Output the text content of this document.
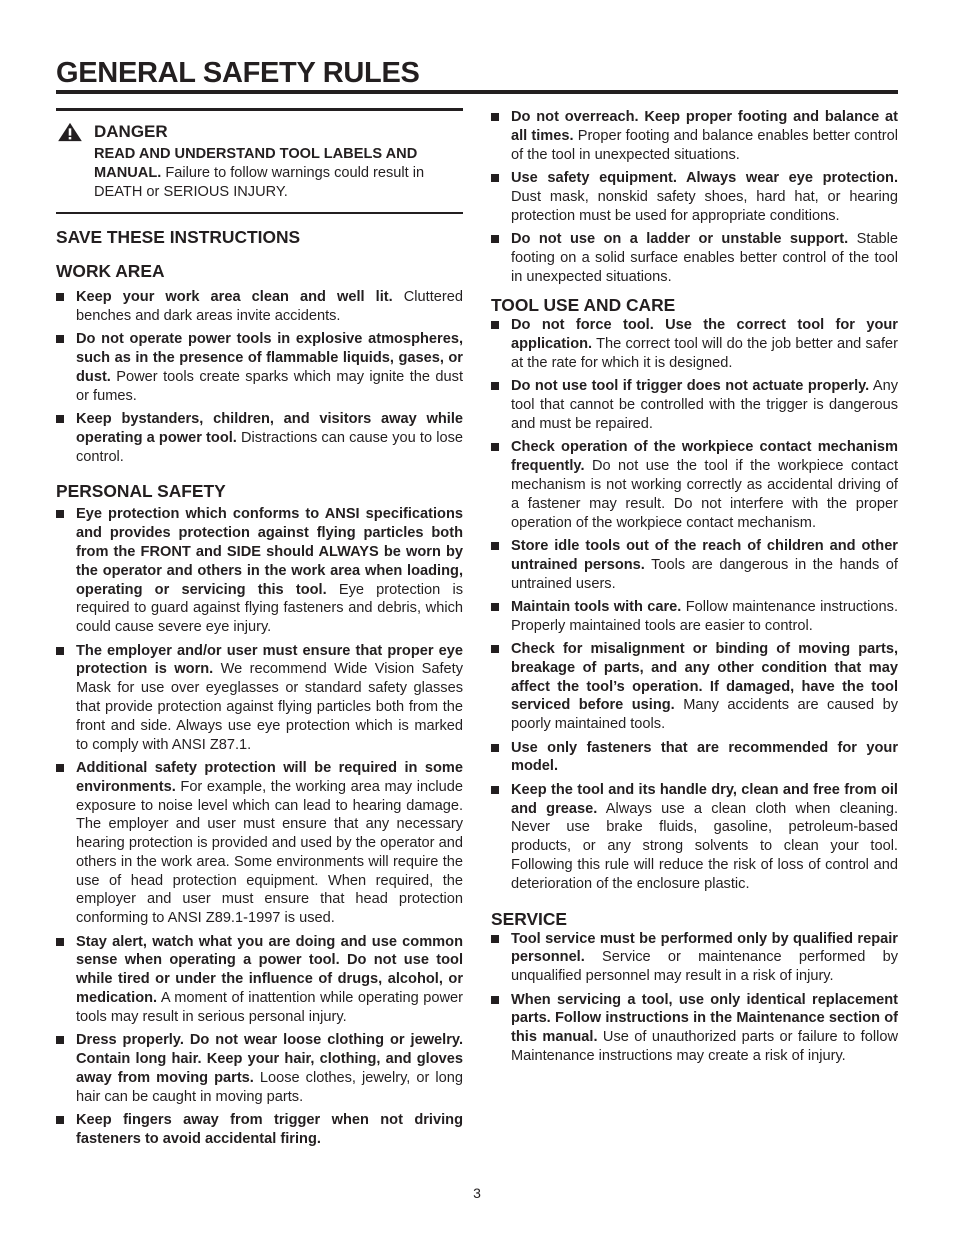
GENERAL SAFETY RULES
DANGER
READ AND UNDERSTAND TOOL LABELS AND MANUAL. Failure to follow warnings could result in DEATH or SERIOUS INJURY.
SAVE THESE INSTRUCTIONS
WORK AREA
Keep your work area clean and well lit. Cluttered benches and dark areas invite accidents.
Do not operate power tools in explosive atmospheres, such as in the presence of flammable liquids, gases, or dust. Power tools create sparks which may ignite the dust or fumes.
Keep bystanders, children, and visitors away while operating a power tool. Distractions can cause you to lose control.
PERSONAL SAFETY
Eye protection which conforms to ANSI specifications and provides protection against flying particles both from the FRONT and SIDE should ALWAYS be worn by the operator and others in the work area when loading, operating or servicing this tool. Eye protection is required to guard against flying fasteners and debris, which could cause severe eye injury.
The employer and/or user must ensure that proper eye protection is worn. We recommend Wide Vision Safety Mask for use over eyeglasses or standard safety glasses that provide protection against flying particles both from the front and side. Always use eye protection which is marked to comply with ANSI Z87.1.
Additional safety protection will be required in some environments. For example, the working area may include exposure to noise level which can lead to hearing damage. The employer and user must ensure that any necessary hearing protection is provided and used by the operator and others in the work area. Some environments will require the use of head protection equipment. When required, the employer and user must ensure that head protection conforming to ANSI Z89.1-1997 is used.
Stay alert, watch what you are doing and use common sense when operating a power tool. Do not use tool while tired or under the influence of drugs, alcohol, or medication. A moment of inattention while operating power tools may result in serious personal injury.
Dress properly. Do not wear loose clothing or jewelry. Contain long hair. Keep your hair, clothing, and gloves away from moving parts. Loose clothes, jewelry, or long hair can be caught in moving parts.
Keep fingers away from trigger when not driving fasteners to avoid accidental firing.
Do not overreach. Keep proper footing and balance at all times. Proper footing and balance enables better control of the tool in unexpected situations.
Use safety equipment. Always wear eye protection. Dust mask, nonskid safety shoes, hard hat, or hearing protection must be used for appropriate conditions.
Do not use on a ladder or unstable support. Stable footing on a solid surface enables better control of the tool in unexpected situations.
TOOL USE AND CARE
Do not force tool. Use the correct tool for your application. The correct tool will do the job better and safer at the rate for which it is designed.
Do not use tool if trigger does not actuate properly. Any tool that cannot be controlled with the trigger is dangerous and must be repaired.
Check operation of the workpiece contact mechanism frequently. Do not use the tool if the workpiece contact mechanism is not working correctly as accidental driving of a fastener may result. Do not interfere with the proper operation of the workpiece contact mechanism.
Store idle tools out of the reach of children and other untrained persons. Tools are dangerous in the hands of untrained users.
Maintain tools with care. Follow maintenance instructions. Properly maintained tools are easier to control.
Check for misalignment or binding of moving parts, breakage of parts, and any other condition that may affect the tool’s operation. If damaged, have the tool serviced before using. Many accidents are caused by poorly maintained tools.
Use only fasteners that are recommended for your model.
Keep the tool and its handle dry, clean and free from oil and grease. Always use a clean cloth when cleaning. Never use brake fluids, gasoline, petroleum-based products, or any strong solvents to clean your tool. Following this rule will reduce the risk of loss of control and deterioration of the enclosure plastic.
SERVICE
Tool service must be performed only by qualified repair personnel. Service or maintenance performed by unqualified personnel may result in a risk of injury.
When servicing a tool, use only identical replacement parts. Follow instructions in the Maintenance section of this manual. Use of unauthorized parts or failure to follow Maintenance instructions may create a risk of injury.
3
